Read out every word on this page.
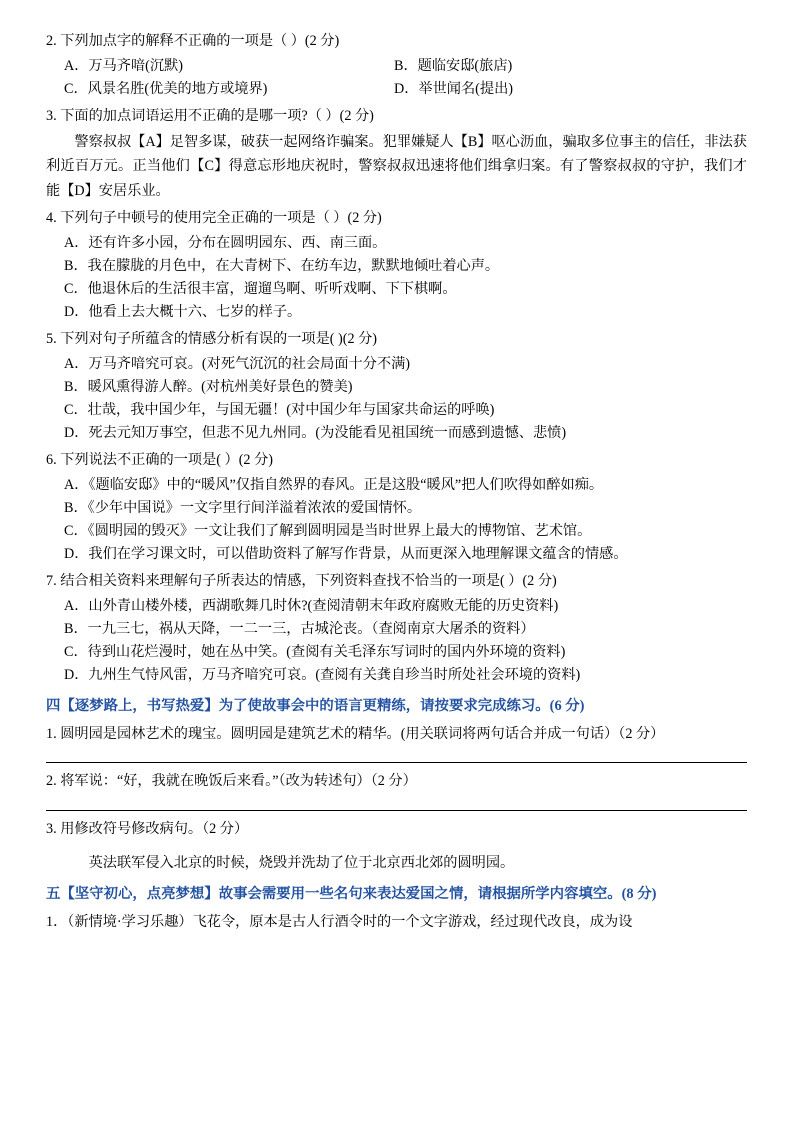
2. 下列加点字的解释不正确的一项是（ ）(2 分)
A．万马齐喑(沉默)	B．题临安邸(旅店)
C．风景名胜(优美的地方或境界)	D．举世闻名(提出)
3. 下面的加点词语运用不正确的是哪一项?（ ）(2 分)
警察叔叔【A】足智多谋，破获一起网络诈骗案。犯罪嫌疑人【B】呕心沥血，骗取多位事主的信任，非法获利近百万元。正当他们【C】得意忘形地庆祝时，警察叔叔迅速将他们缉拿归案。有了警察叔叔的守护，我们才能【D】安居乐业。
4. 下列句子中顿号的使用完全正确的一项是（ ）(2 分)
A．还有许多小园，分布在圆明园东、西、南三面。
B．我在朦胧的月色中，在大青树下、在纺车边，默默地倾吐着心声。
C．他退休后的生活很丰富，遛遛鸟啊、听听戏啊、下下棋啊。
D．他看上去大概十六、七岁的样子。
5. 下列对句子所蕴含的情感分析有误的一项是( )(2 分)
A．万马齐喑究可哀。(对死气沉沉的社会局面十分不满)
B．暖风熏得游人醉。(对杭州美好景色的赞美)
C．壮哉，我中国少年，与国无疆！(对中国少年与国家共命运的呼唤)
D．死去元知万事空，但悲不见九州同。(为没能看见祖国统一而感到遗憾、悲愤)
6. 下列说法不正确的一项是( ）(2 分)
A．《题临安邸》中的“暖风”仅指自然界的春风。正是这股“暖风”把人们吹得如醉如痴。
B．《少年中国说》一文字里行间洋溢着浓浓的爱国情怀。
C．《圆明园的毁灭》一文让我们了解到圆明园是当时世界上最大的博物馆、艺术馆。
D．我们在学习课文时，可以借助资料了解写作背景，从而更深入地理解课文蕴含的情感。
7. 结合相关资料来理解句子所表达的情感，下列资料查找不恰当的一项是( ）(2 分)
A．山外青山楼外楼，西湖歌舞几时休?(查阅清朝末年政府腐败无能的历史资料)
B．一九三七，祸从天降，一二一三，古城沦丧。（查阅南京大屠杀的资料）
C．待到山花烂漫时，她在丛中笑。(查阅有关毛泽东写词时的国内外环境的资料)
D．九州生气恃风雷，万马齐喑究可哀。(查阅有关龚自珍当时所处社会环境的资料)
四【逐梦路上，书写热爱】为了使故事会中的语言更精练，请按要求完成练习。(6 分)
1. 圆明园是园林艺术的瑰宝。圆明园是建筑艺术的精华。(用关联词将两句话合并成一句话）（2 分）
2. 将军说：“好，我就在晚饭后来看。”（改为转述句）（2 分）
3. 用修改符号修改病句。（2 分）
英法联军侵入北京的时候，烧毁并洗劫了位于北京西北郊的圆明园。
五【坚守初心，点亮梦想】故事会需要用一些名句来表达爱国之情，请根据所学内容填空。(8 分)
1．（新情境·学习乐趣）飞花令，原本是古人行酒令时的一个文字游戏，经过现代改良，成为设
